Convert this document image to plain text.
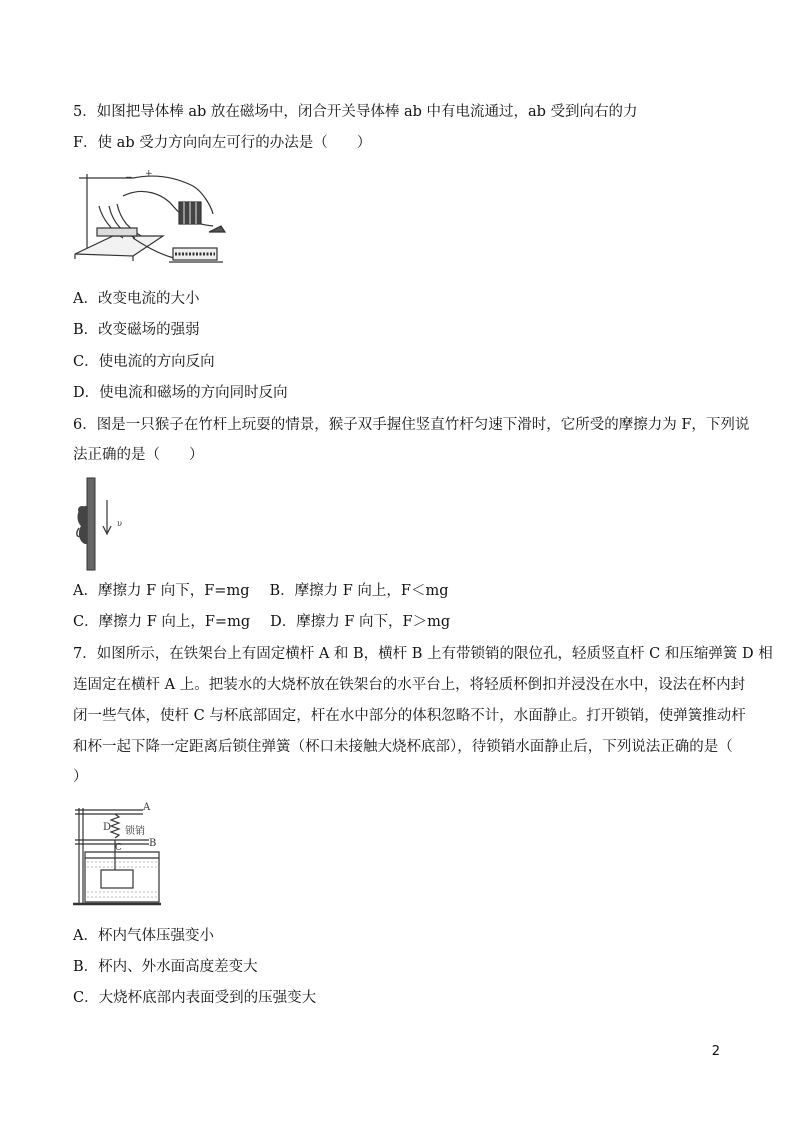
5．如图把导体棒 ab 放在磁场中，闭合开关导体棒 ab 中有电流通过，ab 受到向右的力
F．使 ab 受力方向向左可行的办法是（　　）
+
−
A．改变电流的大小
B．改变磁场的强弱
C．使电流的方向反向
D．使电流和磁场的方向同时反向
6．图是一只猴子在竹杆上玩耍的情景，猴子双手握住竖直竹杆匀速下滑时，它所受的摩擦力为 F，下列说
法正确的是（　　）
υ
A．摩擦力 F 向下，F=mg B．摩擦力 F 向上，F＜mg
C．摩擦力 F 向上，F=mg D．摩擦力 F 向下，F＞mg
7．如图所示，在铁架台上有固定横杆 A 和 B，横杆 B 上有带锁销的限位孔，轻质竖直杆 C 和压缩弹簧 D 相
连固定在横杆 A 上。把装水的大烧杯放在铁架台的水平台上，将轻质杯倒扣并浸没在水中，设法在杯内封
闭一些气体，使杆 C 与杯底部固定，杆在水中部分的体积忽略不计，水面静止。打开锁销，使弹簧推动杆
和杯一起下降一定距离后锁住弹簧（杯口未接触大烧杯底部），待锁销水面静止后，下列说法正确的是（
）
A
B
C
D 锁销
A．杯内气体压强变小
B．杯内、外水面高度差变大
C．大烧杯底部内表面受到的压强变大
2
